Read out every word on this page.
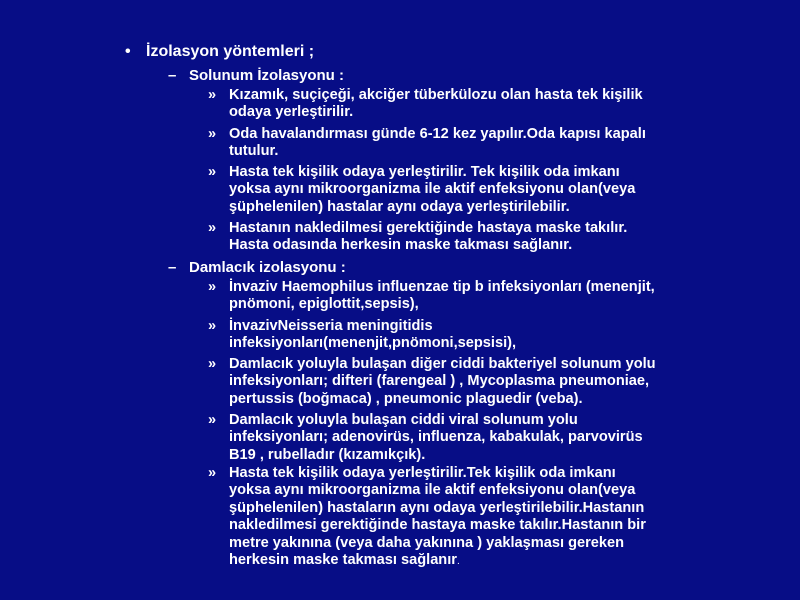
• İzolasyon yöntemleri ;
– Solunum İzolasyonu :
» Kızamık, suçiçeği, akciğer tüberkülozu olan hasta tek kişilik
odaya yerleştirilir.
» Oda havalandırması günde 6-12 kez yapılır.Oda kapısı kapalı
tutulur.
» Hasta tek kişilik odaya yerleştirilir. Tek kişilik oda imkanı
yoksa aynı mikroorganizma ile aktif enfeksiyonu olan(veya
şüphelenilen) hastalar aynı odaya yerleştirilebilir.
» Hastanın nakledilmesi gerektiğinde hastaya maske takılır.
Hasta odasında herkesin maske takması sağlanır.
– Damlacık izolasyonu :
» İnvaziv Haemophilus influenzae tip b infeksiyonları (menenjit,
pnömoni, epiglottit,sepsis),
» İnvazivNeisseria meningitidis
infeksiyonları(menenjit,pnömoni,sepsisi),
» Damlacık yoluyla bulaşan diğer ciddi bakteriyel solunum yolu
infeksiyonları; difteri (farengeal ) , Mycoplasma pneumoniae,
pertussis (boğmaca) , pneumonic plaguedir (veba).
» Damlacık yoluyla bulaşan ciddi viral solunum yolu
infeksiyonları; adenovirüs, influenza, kabakulak, parvovirüs
B19 , rubelladır (kızamıkçık).
» Hasta tek kişilik odaya yerleştirilir.Tek kişilik oda imkanı
yoksa aynı mikroorganizma ile aktif enfeksiyonu olan(veya
şüphelenilen) hastaların aynı odaya yerleştirilebilir.Hastanın
nakledilmesi gerektiğinde hastaya maske takılır.Hastanın bir
metre yakınına (veya daha yakınına ) yaklaşması gereken
herkesin maske takması sağlanır.
